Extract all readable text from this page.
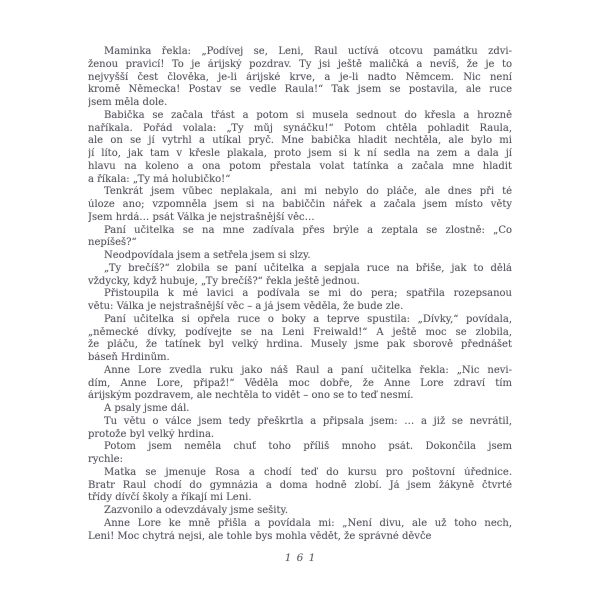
Maminka řekla: „Podívej se, Leni, Raul uctívá otcovu památku zdvi-
ženou pravicí! To je árijský pozdrav. Ty jsi ještě maličká a nevíš, že je to
nejvyšší čest člověka, je-li árijské krve, a je-li nadto Němcem. Nic není
kromě Německa! Postav se vedle Raula!“ Tak jsem se postavila, ale ruce
jsem měla dole.
Babička se začala třást a potom si musela sednout do křesla a hrozně
naříkala. Pořád volala: „Ty můj synáčku!“ Potom chtěla pohladit Raula,
ale on se jí vytrhl a utíkal pryč. Mne babička hladit nechtěla, ale bylo mi
jí líto, jak tam v křesle plakala, proto jsem si k ní sedla na zem a dala jí
hlavu na koleno a ona potom přestala volat tatínka a začala mne hladit
a říkala: „Ty má holubičko!“
Tenkrát jsem vůbec neplakala, ani mi nebylo do pláče, ale dnes při té
úloze ano; vzpomněla jsem si na babiččin nářek a začala jsem místo věty
Jsem hrdá… psát Válka je nejstrašnější věc…
Paní učitelka se na mne zadívala přes brýle a zeptala se zlostně: „Co
nepíšeš?“
Neodpovídala jsem a setřela jsem si slzy.
„Ty brečíš?“ zlobila se paní učitelka a sepjala ruce na břiše, jak to dělá
vždycky, když hubuje, „Ty brečíš?“ řekla ještě jednou.
Přistoupila k mé lavici a podívala se mi do pera; spatřila rozepsanou
větu: Válka je nejstrašnější věc – a já jsem věděla, že bude zle.
Paní učitelka si opřela ruce o boky a teprve spustila: „Dívky,“ povídala,
„německé dívky, podívejte se na Leni Freiwald!“ A ještě moc se zlobila,
že pláču, že tatínek byl velký hrdina. Musely jsme pak sborově přednášet
báseň Hrdinům.
Anne Lore zvedla ruku jako náš Raul a paní učitelka řekla: „Nic nevi-
dím, Anne Lore, připaž!“ Věděla moc dobře, že Anne Lore zdraví tím
árijským pozdravem, ale nechtěla to vidět – ono se to teď nesmí.
A psaly jsme dál.
Tu větu o válce jsem tedy přeškrtla a připsala jsem: … a již se nevrátil,
protože byl velký hrdina.
Potom jsem neměla chuť toho příliš mnoho psát. Dokončila jsem
rychle:
Matka se jmenuje Rosa a chodí teď do kursu pro poštovní úřednice.
Bratr Raul chodí do gymnázia a doma hodně zlobí. Já jsem žákyně čtvrté
třídy dívčí školy a říkají mi Leni.
Zazvonilo a odevzdávaly jsme sešity.
Anne Lore ke mně přišla a povídala mi: „Není divu, ale už toho nech,
Leni! Moc chytrá nejsi, ale tohle bys mohla vědět, že správné děvče
161
